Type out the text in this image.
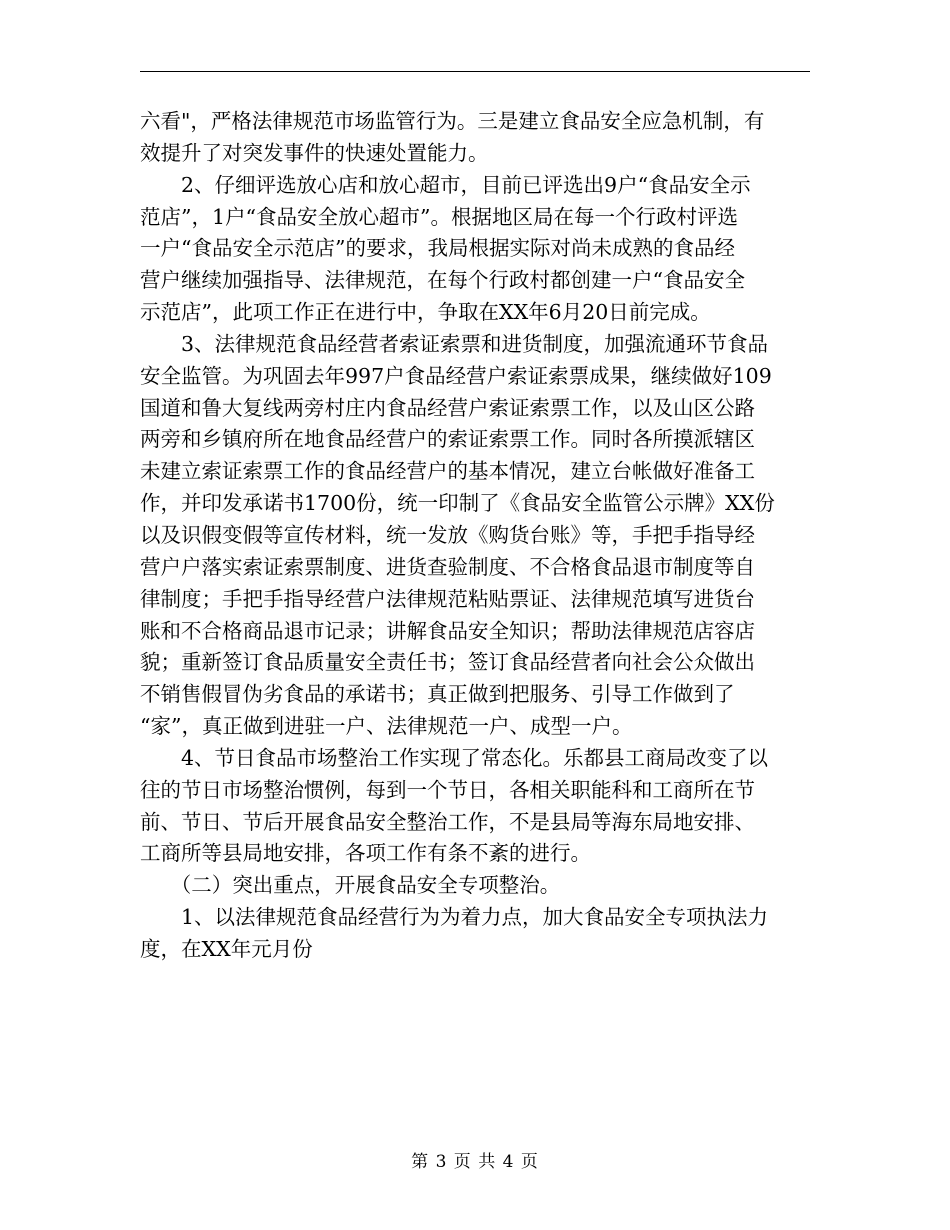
六看"，严格法律规范市场监管行为。三是建立食品安全应急机制，有
效提升了对突发事件的快速处置能力。
　　2、仔细评选放心店和放心超市，目前已评选出9户“食品安全示
范店”，1户“食品安全放心超市”。根据地区局在每一个行政村评选
一户“食品安全示范店”的要求，我局根据实际对尚未成熟的食品经
营户继续加强指导、法律规范，在每个行政村都创建一户“食品安全
示范店”，此项工作正在进行中，争取在XX年6月20日前完成。
　　3、法律规范食品经营者索证索票和进货制度，加强流通环节食品
安全监管。为巩固去年997户食品经营户索证索票成果，继续做好109
国道和鲁大复线两旁村庄内食品经营户索证索票工作，以及山区公路
两旁和乡镇府所在地食品经营户的索证索票工作。同时各所摸派辖区
未建立索证索票工作的食品经营户的基本情况，建立台帐做好准备工
作，并印发承诺书1700份，统一印制了《食品安全监管公示牌》XX份
以及识假变假等宣传材料，统一发放《购货台账》等，手把手指导经
营户户落实索证索票制度、进货查验制度、不合格食品退市制度等自
律制度；手把手指导经营户法律规范粘贴票证、法律规范填写进货台
账和不合格商品退市记录；讲解食品安全知识；帮助法律规范店容店
貌；重新签订食品质量安全责任书；签订食品经营者向社会公众做出
不销售假冒伪劣食品的承诺书；真正做到把服务、引导工作做到了
“家”，真正做到进驻一户、法律规范一户、成型一户。
　　4、节日食品市场整治工作实现了常态化。乐都县工商局改变了以
往的节日市场整治惯例，每到一个节日，各相关职能科和工商所在节
前、节日、节后开展食品安全整治工作，不是县局等海东局地安排、
工商所等县局地安排，各项工作有条不紊的进行。
　　（二）突出重点，开展食品安全专项整治。
　　1、以法律规范食品经营行为为着力点，加大食品安全专项执法力
度，在XX年元月份
第 3 页 共 4 页
